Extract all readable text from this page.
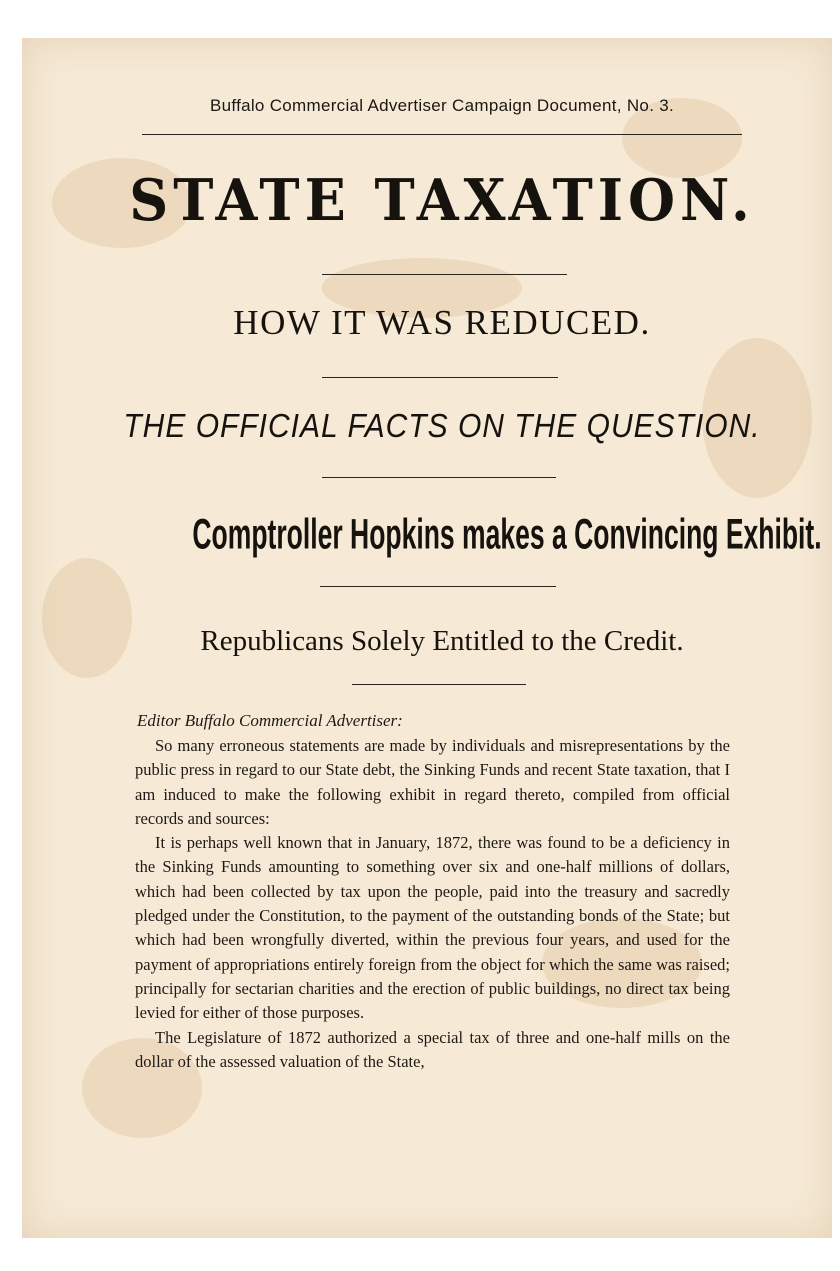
Buffalo Commercial Advertiser Campaign Document, No. 3.
STATE TAXATION.
HOW IT WAS REDUCED.
THE OFFICIAL FACTS ON THE QUESTION.
Comptroller Hopkins makes a Convincing Exhibit.
Republicans Solely Entitled to the Credit.
Editor Buffalo Commercial Advertiser:

So many erroneous statements are made by individuals and misrepresentations by the public press in regard to our State debt, the Sinking Funds and recent State taxation, that I am induced to make the following exhibit in regard thereto, compiled from official records and sources:

It is perhaps well known that in January, 1872, there was found to be a deficiency in the Sinking Funds amounting to something over six and one-half millions of dollars, which had been collected by tax upon the people, paid into the treasury and sacredly pledged under the Constitution, to the payment of the outstanding bonds of the State; but which had been wrongfully diverted, within the previous four years, and used for the payment of appropriations entirely foreign from the object for which the same was raised; principally for sectarian charities and the erection of public buildings, no direct tax being levied for either of those purposes.

The Legislature of 1872 authorized a special tax of three and one-half mills on the dollar of the assessed valuation of the State,
